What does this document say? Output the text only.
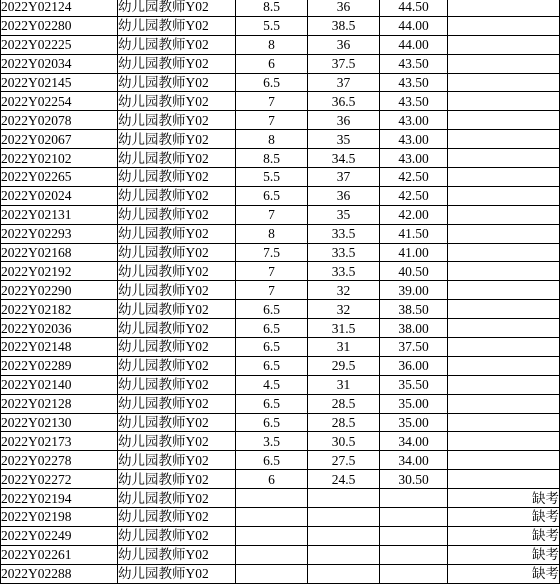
2022Y02124	幼儿园教师Y02	8.5	36	44.50	
2022Y02280	幼儿园教师Y02	5.5	38.5	44.00	
2022Y02225	幼儿园教师Y02	8	36	44.00	
2022Y02034	幼儿园教师Y02	6	37.5	43.50	
2022Y02145	幼儿园教师Y02	6.5	37	43.50	
2022Y02254	幼儿园教师Y02	7	36.5	43.50	
2022Y02078	幼儿园教师Y02	7	36	43.00	
2022Y02067	幼儿园教师Y02	8	35	43.00	
2022Y02102	幼儿园教师Y02	8.5	34.5	43.00	
2022Y02265	幼儿园教师Y02	5.5	37	42.50	
2022Y02024	幼儿园教师Y02	6.5	36	42.50	
2022Y02131	幼儿园教师Y02	7	35	42.00	
2022Y02293	幼儿园教师Y02	8	33.5	41.50	
2022Y02168	幼儿园教师Y02	7.5	33.5	41.00	
2022Y02192	幼儿园教师Y02	7	33.5	40.50	
2022Y02290	幼儿园教师Y02	7	32	39.00	
2022Y02182	幼儿园教师Y02	6.5	32	38.50	
2022Y02036	幼儿园教师Y02	6.5	31.5	38.00	
2022Y02148	幼儿园教师Y02	6.5	31	37.50	
2022Y02289	幼儿园教师Y02	6.5	29.5	36.00	
2022Y02140	幼儿园教师Y02	4.5	31	35.50	
2022Y02128	幼儿园教师Y02	6.5	28.5	35.00	
2022Y02130	幼儿园教师Y02	6.5	28.5	35.00	
2022Y02173	幼儿园教师Y02	3.5	30.5	34.00	
2022Y02278	幼儿园教师Y02	6.5	27.5	34.00	
2022Y02272	幼儿园教师Y02	6	24.5	30.50	
2022Y02194	幼儿园教师Y02				缺考
2022Y02198	幼儿园教师Y02				缺考
2022Y02249	幼儿园教师Y02				缺考
2022Y02261	幼儿园教师Y02				缺考
2022Y02288	幼儿园教师Y02				缺考
